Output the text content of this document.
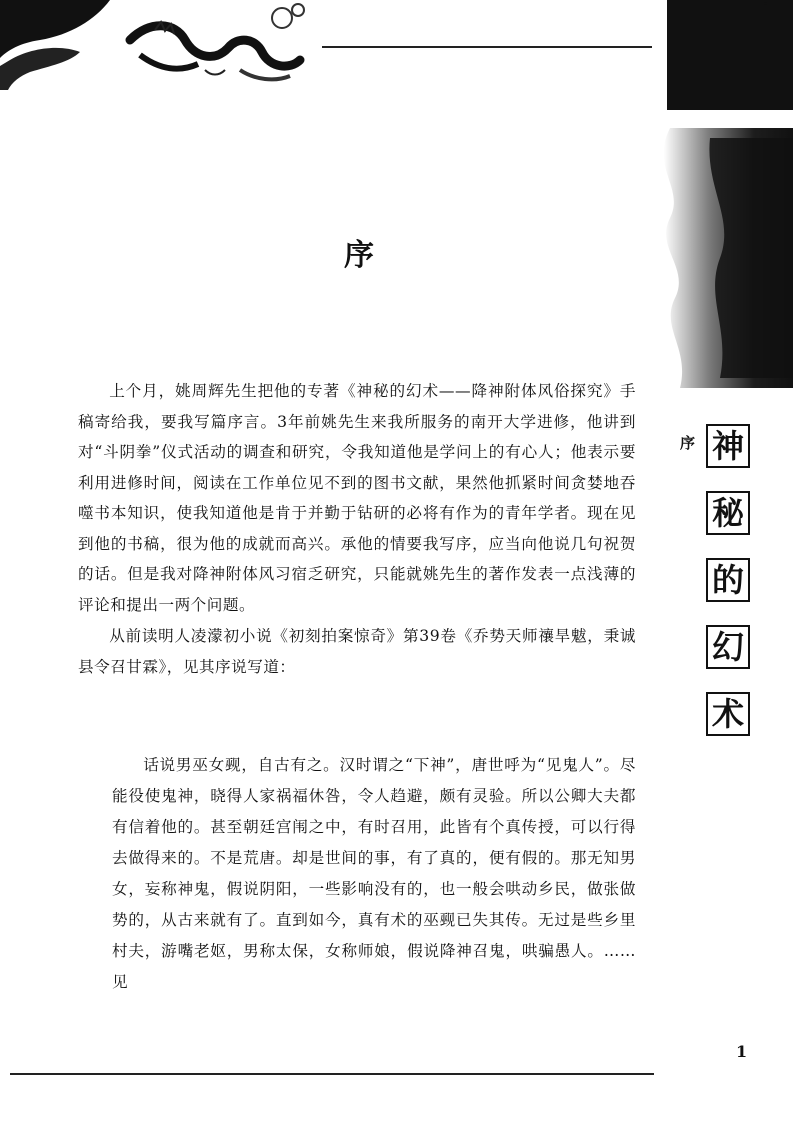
序

上个月，姚周辉先生把他的专著《神秘的幻术——降神附体风俗探究》手稿寄给我，要我写篇序言。3年前姚先生来我所服务的南开大学进修，他讲到对“斗阴拳”仪式活动的调查和研究，令我知道他是学问上的有心人；他表示要利用进修时间，阅读在工作单位见不到的图书文献，果然他抓紧时间贪婪地吞噬书本知识，使我知道他是肯于并勤于钻研的必将有作为的青年学者。现在见到他的书稿，很为他的成就而高兴。承他的情要我写序，应当向他说几句祝贺的话。但是我对降神附体风习宿乏研究，只能就姚先生的著作发表一点浅薄的评论和提出一两个问题。

从前读明人凌濛初小说《初刻拍案惊奇》第39卷《乔势天师禳旱魃，秉诚县令召甘霖》，见其序说写道：

话说男巫女觋，自古有之。汉时谓之“下神”，唐世呼为“见鬼人”。尽能役使鬼神，晓得人家祸福休咎，令人趋避，颇有灵验。所以公卿大夫都有信着他的。甚至朝廷宫闱之中，有时召用，此皆有个真传授，可以行得去做得来的。不是荒唐。却是世间的事，有了真的，便有假的。那无知男女，妄称神鬼，假说阴阳，一些影响没有的，也一般会哄动乡民，做张做势的，从古来就有了。直到如今，真有术的巫觋已失其传。无过是些乡里村夫，游嘴老妪，男称太保，女称师娘，假说降神召鬼，哄骗愚人。……见

序 神
秘
的
幻
术
1
